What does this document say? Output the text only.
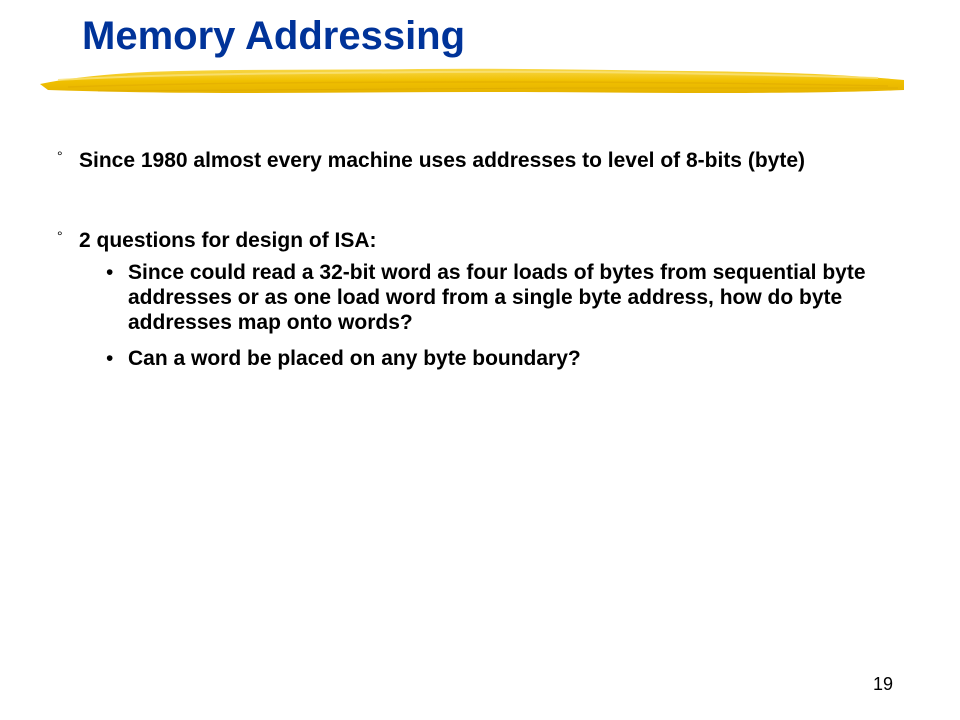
Memory Addressing
° Since 1980 almost every machine uses addresses to level of 8-bits (byte)
° 2 questions for design of ISA:
• Since could read a 32-bit word as four loads of bytes from sequential byte addresses or as one load word from a single byte address, how do byte addresses map onto words?
• Can a word be placed on any byte boundary?
19
